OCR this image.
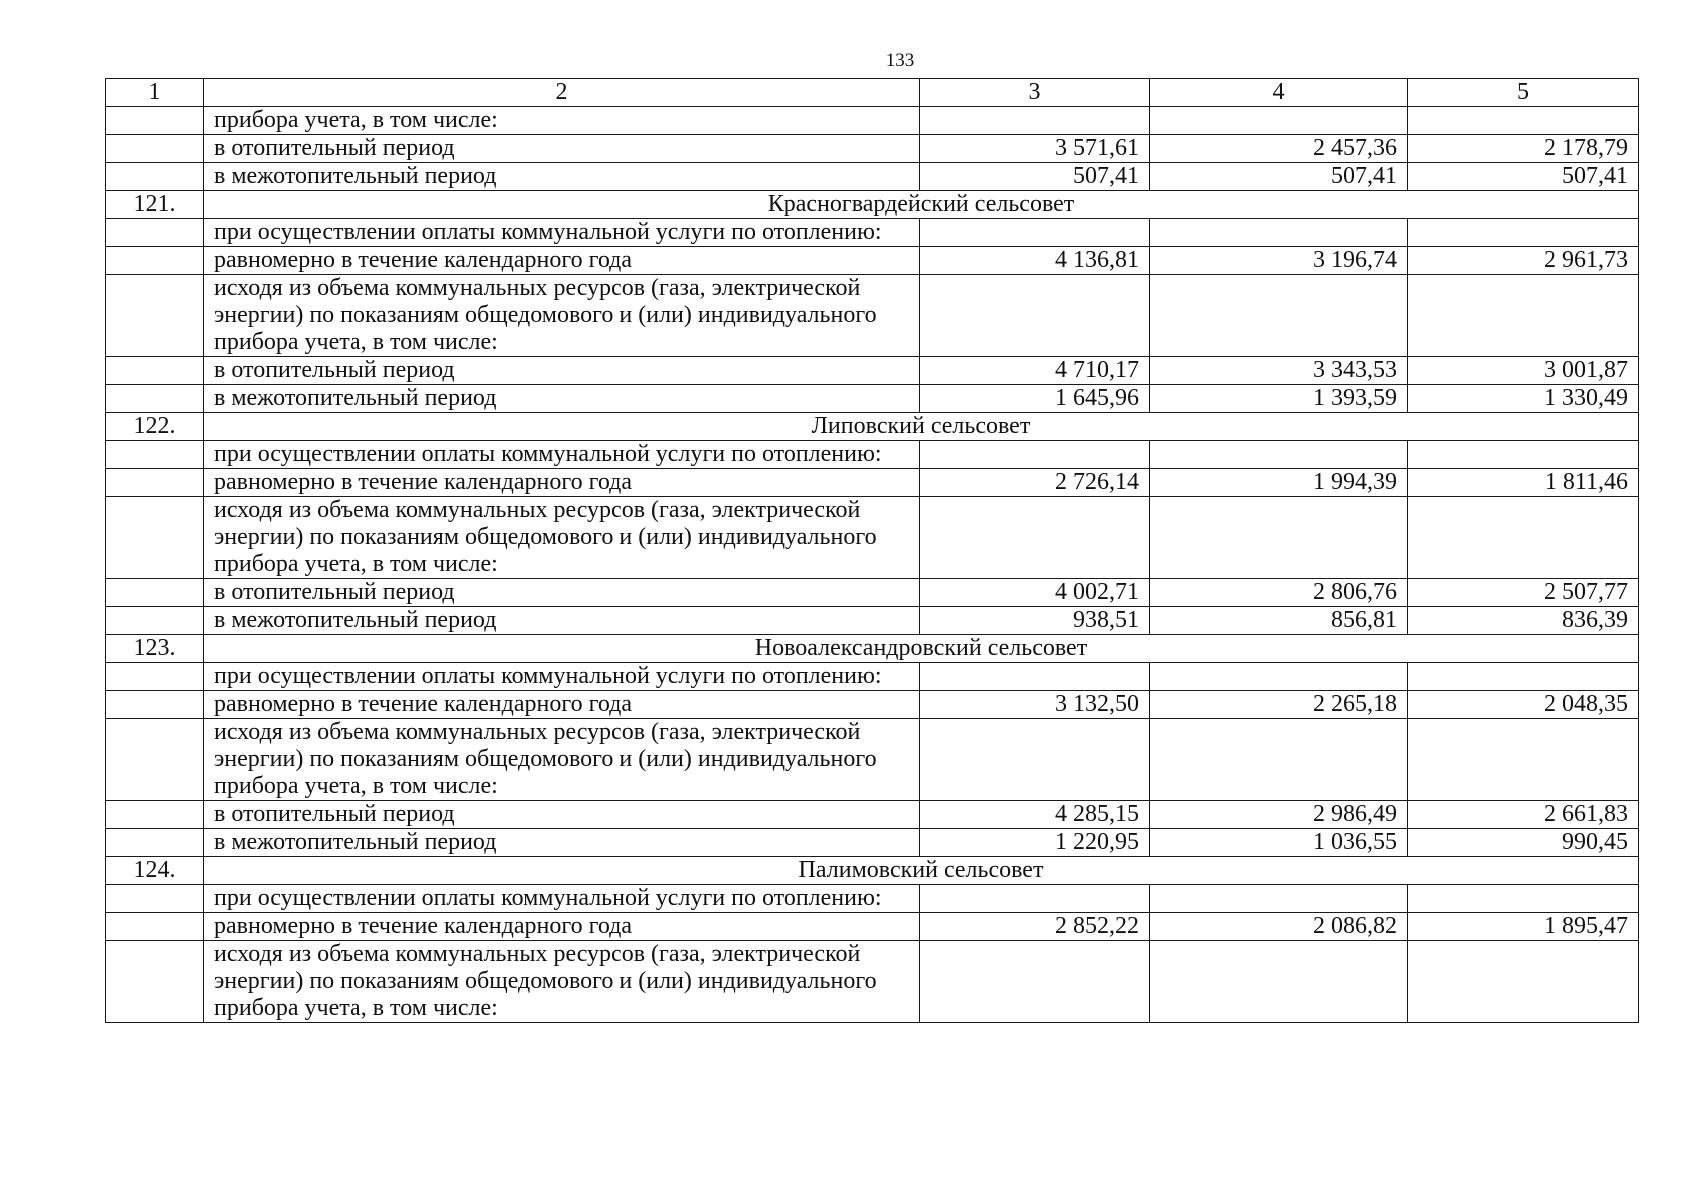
133
1	2	3	4	5
	прибора учета, в том числе:			
	в отопительный период	3 571,61	2 457,36	2 178,79
	в межотопительный период	507,41	507,41	507,41
121.	Красногвардейский сельсовет			
	при осуществлении оплаты коммунальной услуги по отоплению:			
	равномерно в течение календарного года	4 136,81	3 196,74	2 961,73
	исходя из объема коммунальных ресурсов (газа, электрической энергии) по показаниям общедомового и (или) индивидуального прибора учета, в том числе:			
	в отопительный период	4 710,17	3 343,53	3 001,87
	в межотопительный период	1 645,96	1 393,59	1 330,49
122.	Липовский сельсовет			
	при осуществлении оплаты коммунальной услуги по отоплению:			
	равномерно в течение календарного года	2 726,14	1 994,39	1 811,46
	исходя из объема коммунальных ресурсов (газа, электрической энергии) по показаниям общедомового и (или) индивидуального прибора учета, в том числе:			
	в отопительный период	4 002,71	2 806,76	2 507,77
	в межотопительный период	938,51	856,81	836,39
123.	Новоалександровский сельсовет			
	при осуществлении оплаты коммунальной услуги по отоплению:			
	равномерно в течение календарного года	3 132,50	2 265,18	2 048,35
	исходя из объема коммунальных ресурсов (газа, электрической энергии) по показаниям общедомового и (или) индивидуального прибора учета, в том числе:			
	в отопительный период	4 285,15	2 986,49	2 661,83
	в межотопительный период	1 220,95	1 036,55	990,45
124.	Палимовский сельсовет			
	при осуществлении оплаты коммунальной услуги по отоплению:			
	равномерно в течение календарного года	2 852,22	2 086,82	1 895,47
	исходя из объема коммунальных ресурсов (газа, электрической энергии) по показаниям общедомового и (или) индивидуального прибора учета, в том числе:			
